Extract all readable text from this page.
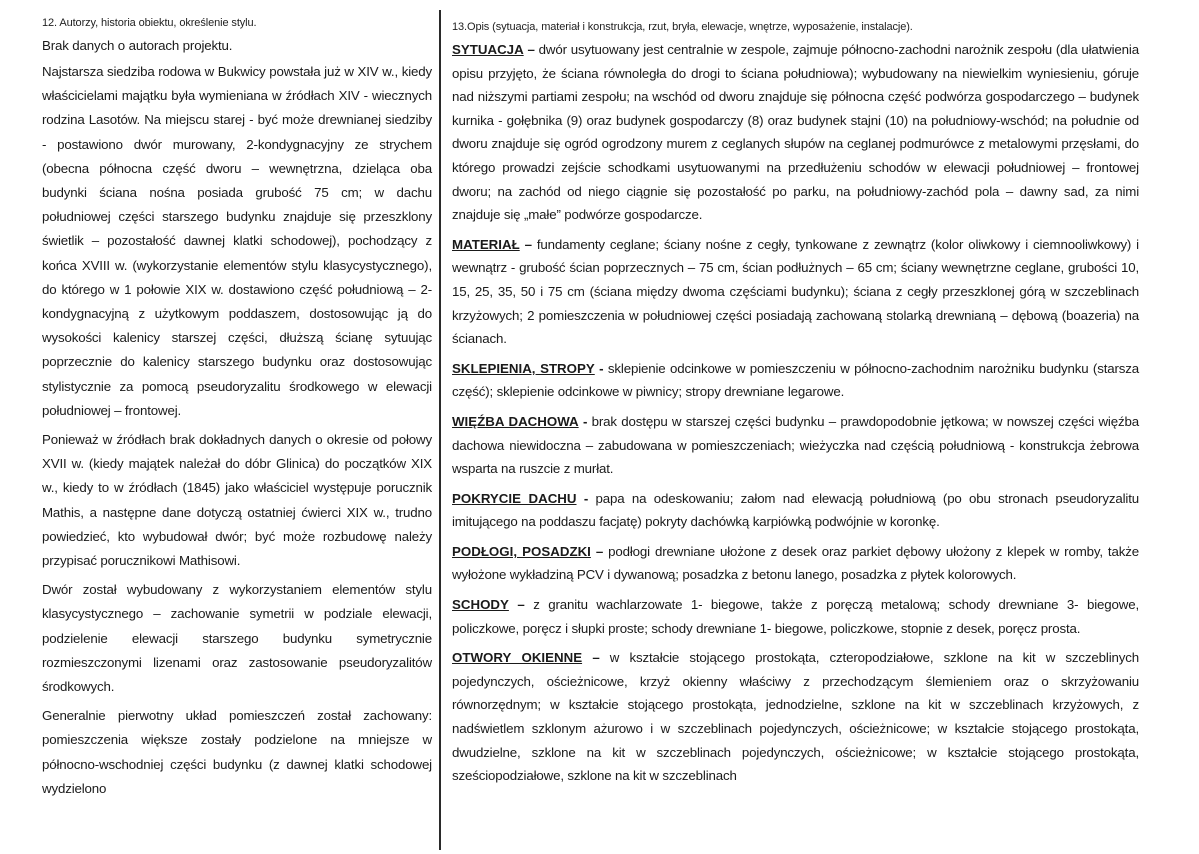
12. Autorzy, historia obiektu, określenie stylu.

Brak danych o autorach projektu.

Najstarsza siedziba rodowa w Bukwicy powstała już w XIV w., kiedy właścicielami majątku była wymieniana w źródłach XIV - wiecznych rodzina Lasotów. Na miejscu starej - być może drewnianej siedziby - postawiono dwór murowany, 2-kondygnacyjny ze strychem (obecna północna część dworu – wewnętrzna, dzieląca oba budynki ściana nośna posiada grubość 75 cm; w dachu południowej części starszego budynku znajduje się przeszklony świetlik – pozostałość dawnej klatki schodowej), pochodzący z końca XVIII w. (wykorzystanie elementów stylu klasycystycznego), do którego w 1 połowie XIX w. dostawiono część południową – 2-kondygnacyjną z użytkowym poddaszem, dostosowując ją do wysokości kalenicy starszej części, dłuższą ścianę sytuując poprzecznie do kalenicy starszego budynku oraz dostosowując stylistycznie za pomocą pseudoryzalitu środkowego w elewacji południowej – frontowej.

Ponieważ w źródłach brak dokładnych danych o okresie od połowy XVII w. (kiedy majątek należał do dóbr Glinica) do początków XIX w., kiedy to w źródłach (1845) jako właściciel występuje porucznik Mathis, a następne dane dotyczą ostatniej ćwierci XIX w., trudno powiedzieć, kto wybudował dwór; być może rozbudowę należy przypisać porucznikowi Mathisowi.

Dwór został wybudowany z wykorzystaniem elementów stylu klasycystycznego – zachowanie symetrii w podziale elewacji, podzielenie elewacji starszego budynku symetrycznie rozmieszczonymi lizenami oraz zastosowanie pseudoryzalitów środkowych.

Generalnie pierwotny układ pomieszczeń został zachowany: pomieszczenia większe zostały podzielone na mniejsze w północno-wschodniej części budynku (z dawnej klatki schodowej wydzielono

13.Opis (sytuacja, materiał i konstrukcja, rzut, bryła, elewacje, wnętrze, wyposażenie, instalacje).

SYTUACJA – dwór usytuowany jest centralnie w zespole, zajmuje północno-zachodni narożnik zespołu (dla ułatwienia opisu przyjęto, że ściana równoległa do drogi to ściana południowa); wybudowany na niewielkim wyniesieniu, góruje nad niższymi partiami zespołu; na wschód od dworu znajduje się północna część podwórza gospodarczego – budynek kurnika - gołębnika (9) oraz budynek gospodarczy (8) oraz budynek stajni (10) na południowy-wschód; na południe od dworu znajduje się ogród ogrodzony murem z ceglanych słupów na ceglanej podmurówce z metalowymi przęsłami, do którego prowadzi zejście schodkami usytuowanymi na przedłużeniu schodów w elewacji południowej – frontowej dworu; na zachód od niego ciągnie się pozostałość po parku, na południowy-zachód pola – dawny sad, za nimi znajduje się „małe” podwórze gospodarcze.

MATERIAŁ – fundamenty ceglane; ściany nośne z cegły, tynkowane z zewnątrz (kolor oliwkowy i ciemnooliwkowy) i wewnątrz - grubość ścian poprzecznych – 75 cm, ścian podłużnych – 65 cm; ściany wewnętrzne ceglane, grubości 10, 15, 25, 35, 50 i 75 cm (ściana między dwoma częściami budynku); ściana z cegły przeszklonej górą w szczeblinach krzyżowych; 2 pomieszczenia w południowej części posiadają zachowaną stolarką drewnianą – dębową (boazeria) na ścianach.

SKLEPIENIA, STROPY - sklepienie odcinkowe w pomieszczeniu w północno-zachodnim narożniku budynku (starsza część); sklepienie odcinkowe w piwnicy; stropy drewniane legarowe.

WIĘŹBA DACHOWA - brak dostępu w starszej części budynku – prawdopodobnie jętkowa; w nowszej części więźba dachowa niewidoczna – zabudowana w pomieszczeniach; wieżyczka nad częścią południową - konstrukcja żebrowa wsparta na ruszcie z murłat.

POKRYCIE DACHU - papa na odeskowaniu; załom nad elewacją południową (po obu stronach pseudoryzalitu imitującego na poddaszu facjatę) pokryty dachówką karpiówką podwójnie w koronkę.

PODŁOGI, POSADZKI – podłogi drewniane ułożone z desek oraz parkiet dębowy ułożony z klepek w romby, także wyłożone wykładziną PCV i dywanową; posadzka z betonu lanego, posadzka z płytek kolorowych.

SCHODY – z granitu wachlarzowate 1- biegowe, także z poręczą metalową; schody drewniane 3- biegowe, policzkowe, poręcz i słupki proste; schody drewniane 1- biegowe, policzkowe, stopnie z desek, poręcz prosta.

OTWORY OKIENNE – w kształcie stojącego prostokąta, czteropodziałowe, szklone na kit w szczeblinych pojedynczych, ościeżnicowe, krzyż okienny właściwy z przechodzącym ślemieniem oraz o skrzyżowaniu równorzędnym; w kształcie stojącego prostokąta, jednodzielne, szklone na kit w szczeblinach krzyżowych, z nadświetlem szklonym ażurowo i w szczeblinach pojedynczych, ościeżnicowe; w kształcie stojącego prostokąta, dwudzielne, szklone na kit w szczeblinach pojedynczych, ościeżnicowe; w kształcie stojącego prostokąta, sześciopodziałowe, szklone na kit w szczeblinach
